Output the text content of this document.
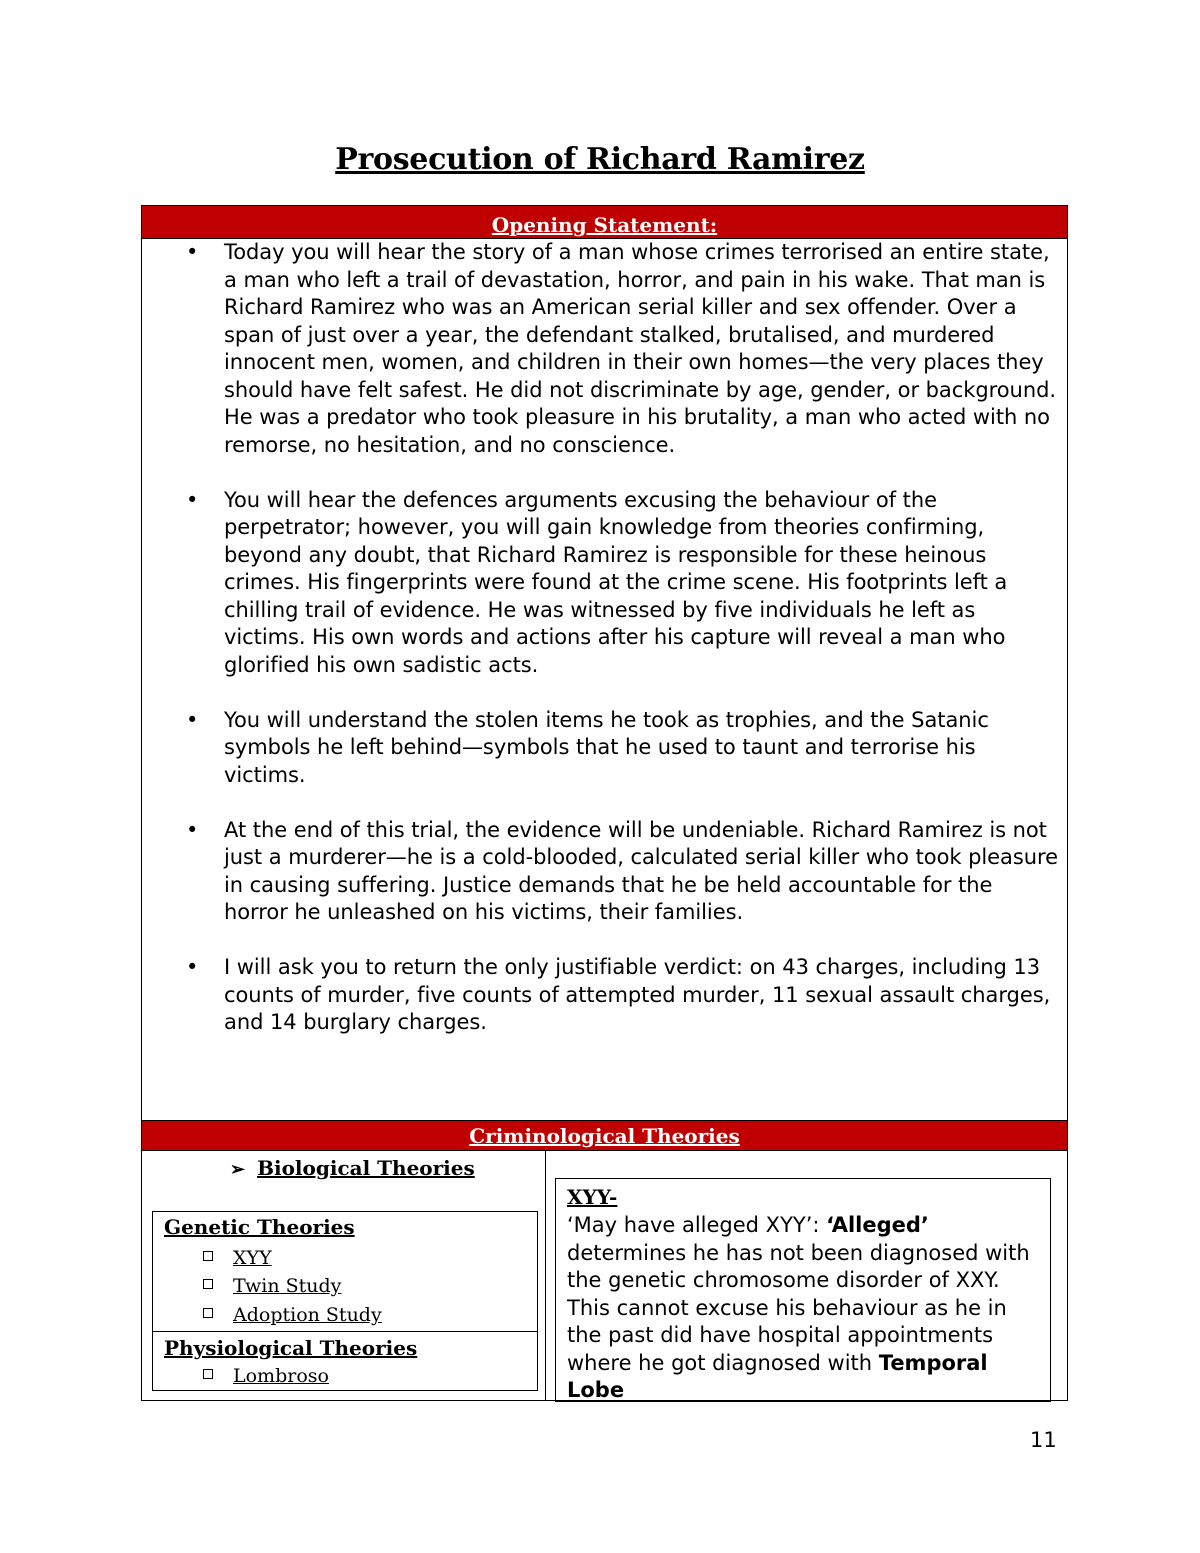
Prosecution of Richard Ramirez
Opening Statement:
• Today you will hear the story of a man whose crimes terrorised an entire state, a man who left a trail of devastation, horror, and pain in his wake. That man is Richard Ramirez who was an American serial killer and sex offender. Over a span of just over a year, the defendant stalked, brutalised, and murdered innocent men, women, and children in their own homes—the very places they should have felt safest. He did not discriminate by age, gender, or background. He was a predator who took pleasure in his brutality, a man who acted with no remorse, no hesitation, and no conscience.
• You will hear the defences arguments excusing the behaviour of the perpetrator; however, you will gain knowledge from theories confirming, beyond any doubt, that Richard Ramirez is responsible for these heinous crimes. His fingerprints were found at the crime scene. His footprints left a chilling trail of evidence. He was witnessed by five individuals he left as victims. His own words and actions after his capture will reveal a man who glorified his own sadistic acts.
• You will understand the stolen items he took as trophies, and the Satanic symbols he left behind—symbols that he used to taunt and terrorise his victims.
• At the end of this trial, the evidence will be undeniable. Richard Ramirez is not just a murderer—he is a cold-blooded, calculated serial killer who took pleasure in causing suffering. Justice demands that he be held accountable for the horror he unleashed on his victims, their families.
• I will ask you to return the only justifiable verdict: on 43 charges, including 13 counts of murder, five counts of attempted murder, 11 sexual assault charges, and 14 burglary charges.
Criminological Theories
➢ Biological Theories
Genetic Theories
XYY
Twin Study
Adoption Study
Physiological Theories
Lombroso
XYY-
‘May have alleged XYY’: ‘Alleged’ determines he has not been diagnosed with the genetic chromosome disorder of XXY. This cannot excuse his behaviour as he in the past did have hospital appointments where he got diagnosed with Temporal Lobe
11
